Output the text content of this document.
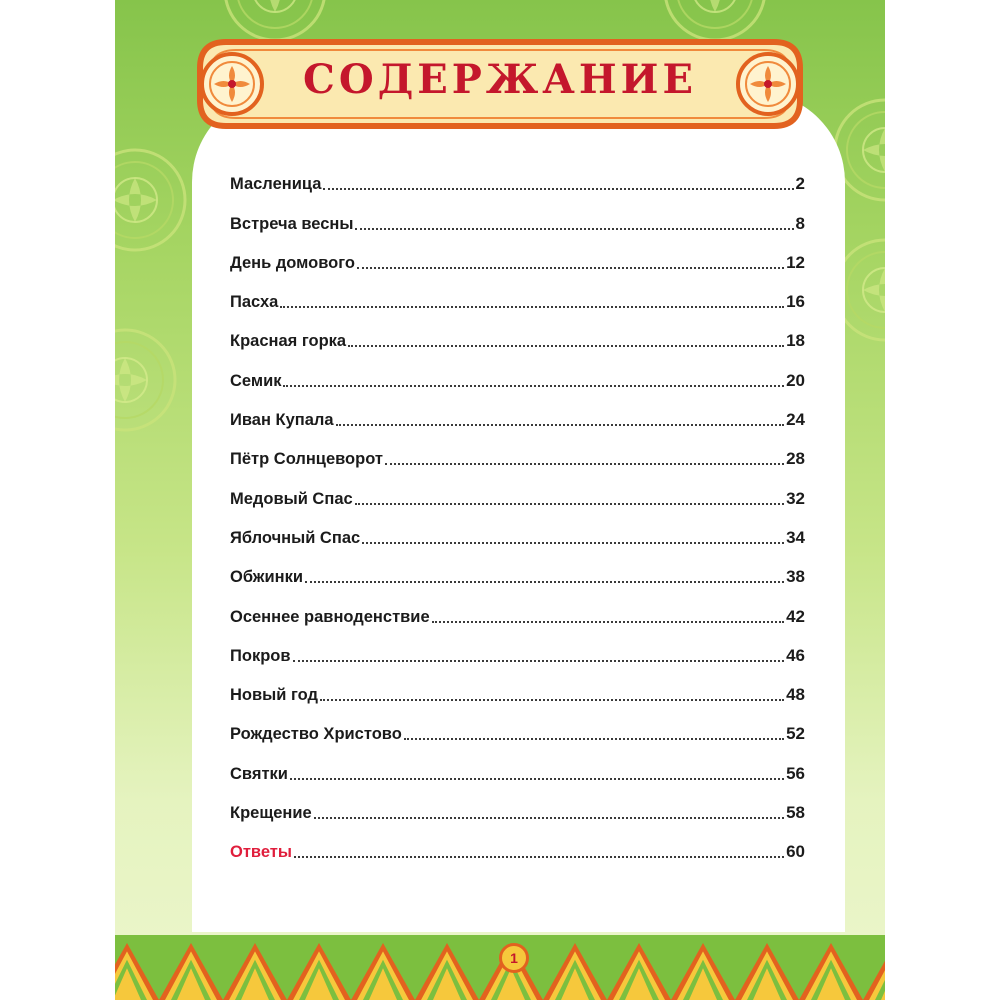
СОДЕРЖАНИЕ
Масленица	2
Встреча весны	8
День домового	12
Пасха	16
Красная горка	18
Семик	20
Иван Купала	24
Пётр Солнцеворот	28
Медовый Спас	32
Яблочный Спас	34
Обжинки	38
Осеннее равноденствие	42
Покров	46
Новый год	48
Рождество Христово	52
Святки	56
Крещение	58
Ответы	60
1
